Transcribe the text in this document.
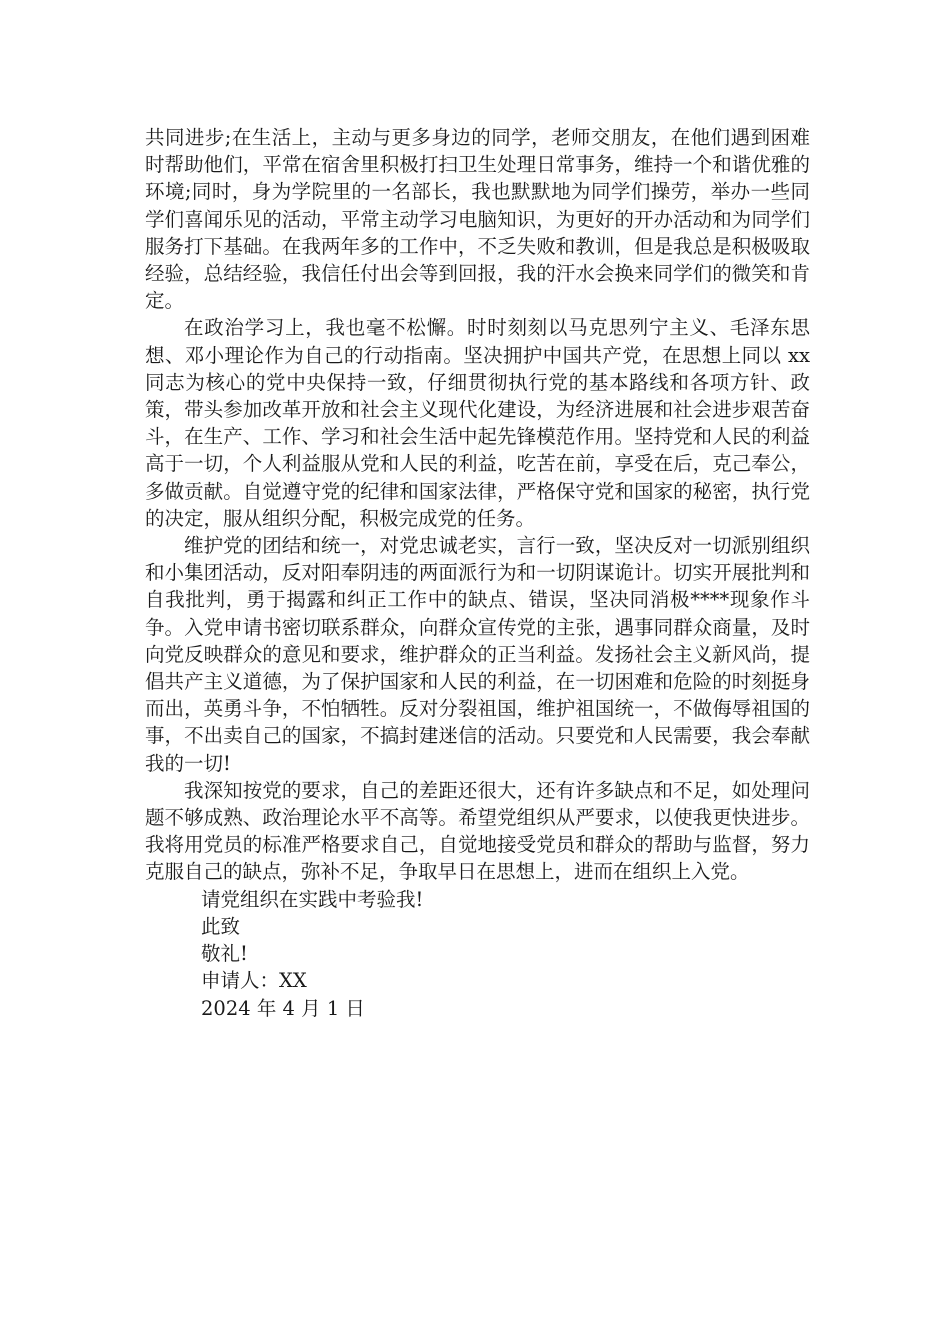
共同进步;在生活上，主动与更多身边的同学，老师交朋友，在他们遇到困难时帮助他们，平常在宿舍里积极打扫卫生处理日常事务，维持一个和谐优雅的环境;同时，身为学院里的一名部长，我也默默地为同学们操劳，举办一些同学们喜闻乐见的活动，平常主动学习电脑知识，为更好的开办活动和为同学们服务打下基础。在我两年多的工作中，不乏失败和教训，但是我总是积极吸取经验，总结经验，我信任付出会等到回报，我的汗水会换来同学们的微笑和肯定。

在政治学习上，我也毫不松懈。时时刻刻以马克思列宁主义、毛泽东思想、邓小理论作为自己的行动指南。坚决拥护中国共产党，在思想上同以 xx 同志为核心的党中央保持一致，仔细贯彻执行党的基本路线和各项方针、政策，带头参加改革开放和社会主义现代化建设，为经济进展和社会进步艰苦奋斗，在生产、工作、学习和社会生活中起先锋模范作用。坚持党和人民的利益高于一切，个人利益服从党和人民的利益，吃苦在前，享受在后，克己奉公，多做贡献。自觉遵守党的纪律和国家法律，严格保守党和国家的秘密，执行党的决定，服从组织分配，积极完成党的任务。

维护党的团结和统一，对党忠诚老实，言行一致，坚决反对一切派别组织和小集团活动，反对阳奉阴违的两面派行为和一切阴谋诡计。切实开展批判和自我批判，勇于揭露和纠正工作中的缺点、错误，坚决同消极****现象作斗争。入党申请书密切联系群众，向群众宣传党的主张，遇事同群众商量，及时向党反映群众的意见和要求，维护群众的正当利益。发扬社会主义新风尚，提倡共产主义道德，为了保护国家和人民的利益，在一切困难和危险的时刻挺身而出，英勇斗争，不怕牺牲。反对分裂祖国，维护祖国统一，不做侮辱祖国的事，不出卖自己的国家，不搞封建迷信的活动。只要党和人民需要，我会奉献我的一切!

我深知按党的要求，自己的差距还很大，还有许多缺点和不足，如处理问题不够成熟、政治理论水平不高等。希望党组织从严要求，以使我更快进步。我将用党员的标准严格要求自己，自觉地接受党员和群众的帮助与监督，努力克服自己的缺点，弥补不足，争取早日在思想上，进而在组织上入党。

请党组织在实践中考验我!

此致

敬礼!

申请人：XX

2024 年 4 月 1 日
